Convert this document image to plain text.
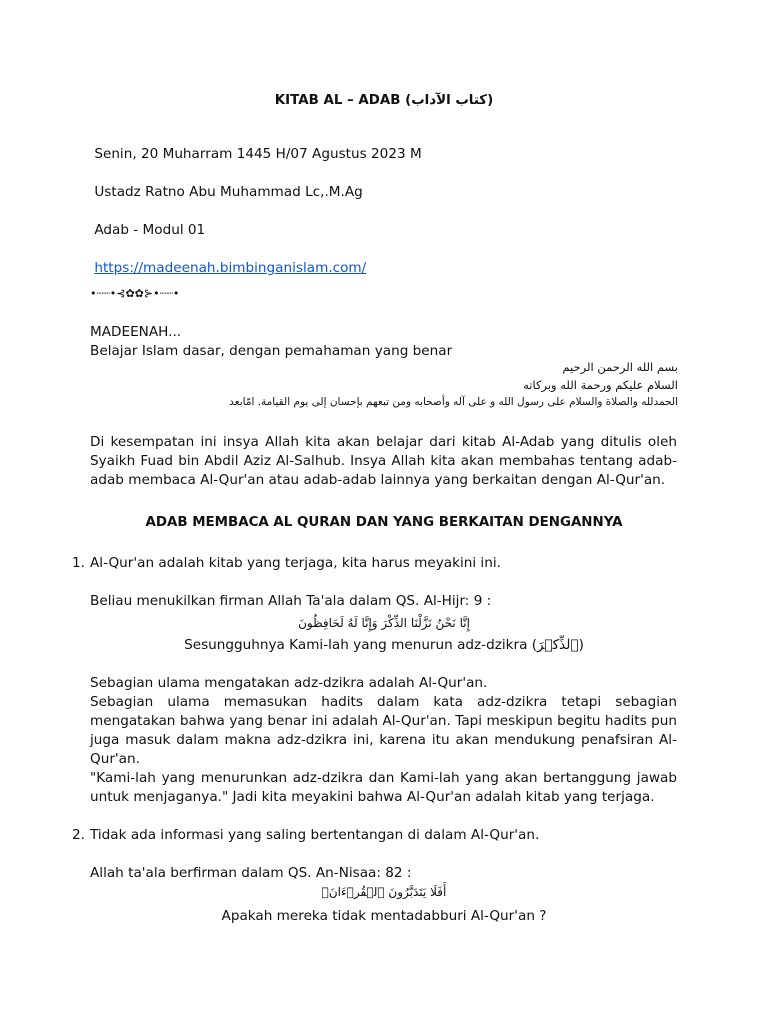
KITAB AL – ADAB (كتاب الآداب)
Senin, 20 Muharram 1445 H/07 Agustus 2023 M
Ustadz Ratno Abu Muhammad Lc,.M.Ag
Adab - Modul 01
https://madeenah.bimbinganislam.com/
•┈┈•⊰✿✿⊱•┈┈•
MADEENAH...
Belajar Islam dasar, dengan pemahaman yang benar
بسم الله الرحمن الرحيم
السلام عليكم ورحمة الله وبركاته
الحمدلله والصلاة والسلام على رسول الله و على آله وأصحابه ومن تبعهم بإحسان إلى يوم القيامة. امّابعد
Di kesempatan ini insya Allah kita akan belajar dari kitab Al-Adab yang ditulis oleh Syaikh Fuad bin Abdil Aziz Al-Salhub. Insya Allah kita akan membahas tentang adab-adab membaca Al-Qur'an atau adab-adab lainnya yang berkaitan dengan Al-Qur'an.
ADAB MEMBACA AL QURAN DAN YANG BERKAITAN DENGANNYA
1. Al-Qur'an adalah kitab yang terjaga, kita harus meyakini ini.
Beliau menukilkan firman Allah Ta'ala dalam QS. Al-Hijr: 9 :
إِنَّا نَحْنُ نَزَّلْنَا الذِّكْرَ وَإِنَّا لَهُ لَحَافِظُونَ
Sesungguhnya Kami-lah yang menurun adz-dzikra (ٱلذِّكۡرَ)
Sebagian ulama mengatakan adz-dzikra adalah Al-Qur'an.
Sebagian ulama memasukan hadits dalam kata adz-dzikra tetapi sebagian mengatakan bahwa yang benar ini adalah Al-Qur'an. Tapi meskipun begitu hadits pun juga masuk dalam makna adz-dzikra ini, karena itu akan mendukung penafsiran Al-Qur'an.
"Kami-lah yang menurunkan adz-dzikra dan Kami-lah yang akan bertanggung jawab untuk menjaganya." Jadi kita meyakini bahwa Al-Qur'an adalah kitab yang terjaga.
2. Tidak ada informasi yang saling bertentangan di dalam Al-Qur'an.
Allah ta'ala berfirman dalam QS. An-Nisaa: 82 :
أَفَلَا يَتَدَبَّرُونَ ٱلۡقُرۡءَانَۚ
Apakah mereka tidak mentadabburi Al-Qur'an ?
